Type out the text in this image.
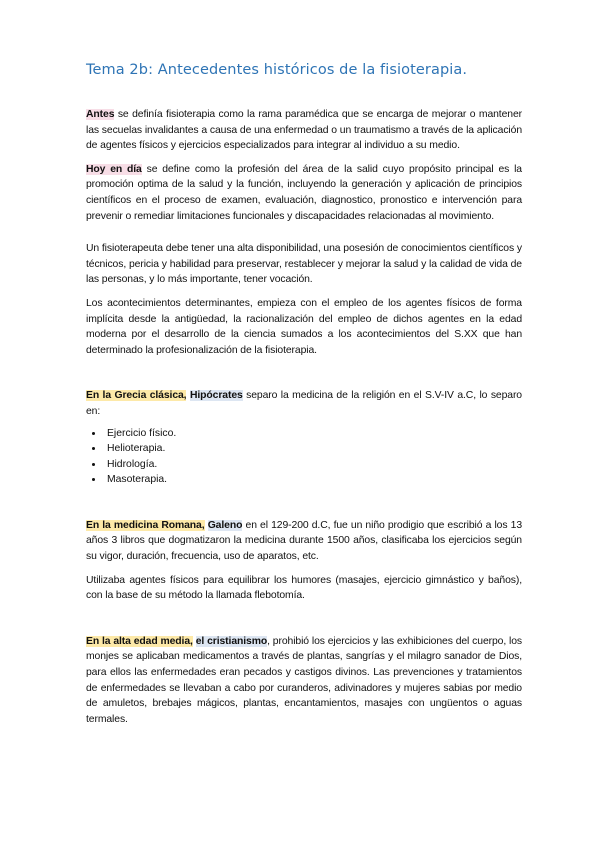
Tema 2b: Antecedentes históricos de la fisioterapia.

Antes se definía fisioterapia como la rama paramédica que se encarga de mejorar o mantener las secuelas invalidantes a causa de una enfermedad o un traumatismo a través de la aplicación de agentes físicos y ejercicios especializados para integrar al individuo a su medio.

Hoy en día se define como la profesión del área de la salid cuyo propósito principal es la promoción optima de la salud y la función, incluyendo la generación y aplicación de principios científicos en el proceso de examen, evaluación, diagnostico, pronostico e intervención para prevenir o remediar limitaciones funcionales y discapacidades relacionadas al movimiento.

Un fisioterapeuta debe tener una alta disponibilidad, una posesión de conocimientos científicos y técnicos, pericia y habilidad para preservar, restablecer y mejorar la salud y la calidad de vida de las personas, y lo más importante, tener vocación.

Los acontecimientos determinantes, empieza con el empleo de los agentes físicos de forma implícita desde la antigüedad, la racionalización del empleo de dichos agentes en la edad moderna por el desarrollo de la ciencia sumados a los acontecimientos del S.XX que han determinado la profesionalización de la fisioterapia.

En la Grecia clásica, Hipócrates separo la medicina de la religión en el S.V-IV a.C, lo separo en:

• Ejercicio físico.
• Helioterapia.
• Hidrología.
• Masoterapia.

En la medicina Romana, Galeno en el 129-200 d.C, fue un niño prodigio que escribió a los 13 años 3 libros que dogmatizaron la medicina durante 1500 años, clasificaba los ejercicios según su vigor, duración, frecuencia, uso de aparatos, etc.

Utilizaba agentes físicos para equilibrar los humores (masajes, ejercicio gimnástico y baños), con la base de su método la llamada flebotomía.

En la alta edad media, el cristianismo, prohibió los ejercicios y las exhibiciones del cuerpo, los monjes se aplicaban medicamentos a través de plantas, sangrías y el milagro sanador de Dios, para ellos las enfermedades eran pecados y castigos divinos. Las prevenciones y tratamientos de enfermedades se llevaban a cabo por curanderos, adivinadores y mujeres sabias por medio de amuletos, brebajes mágicos, plantas, encantamientos, masajes con ungüentos o aguas termales.
